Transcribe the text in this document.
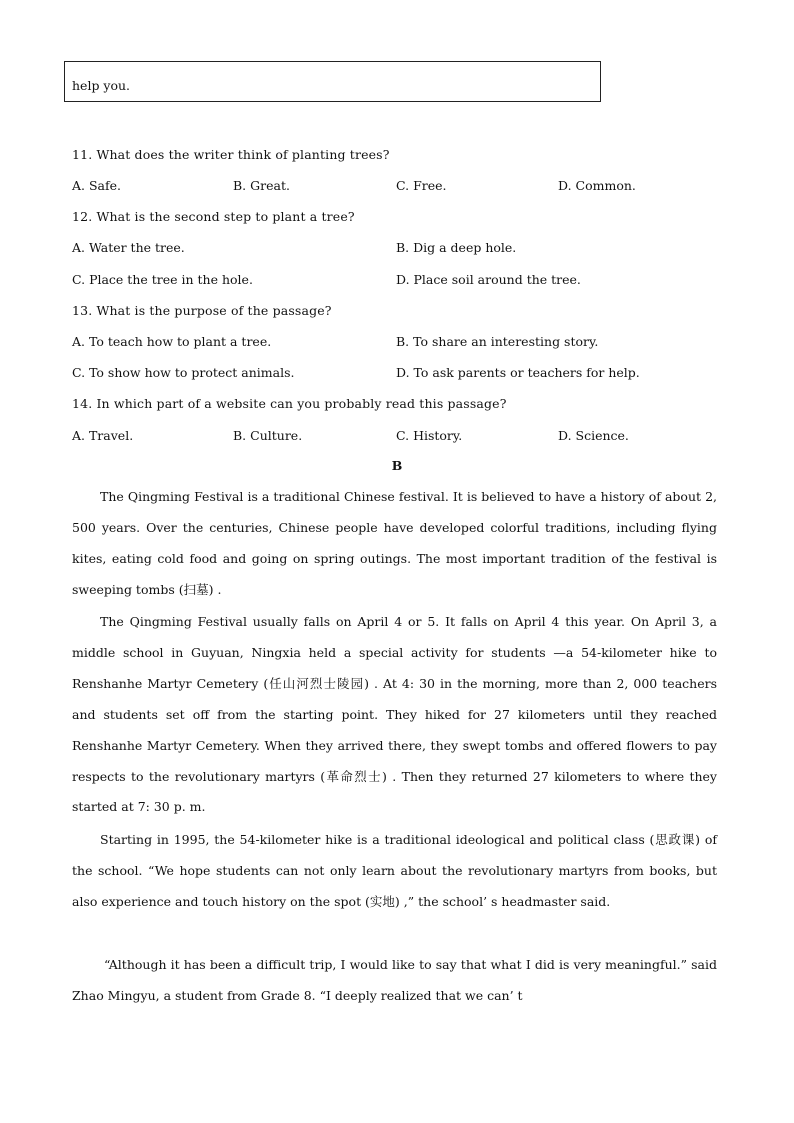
help you.
11. What does the writer think of planting trees?
A. Safe.	B. Great.	C. Free.	D. Common.
12. What is the second step to plant a tree?
A. Water the tree.	B. Dig a deep hole.
C. Place the tree in the hole.	D. Place soil around the tree.
13. What is the purpose of the passage?
A. To teach how to plant a tree.	B. To share an interesting story.
C. To show how to protect animals.	D. To ask parents or teachers for help.
14. In which part of a website can you probably read this passage?
A. Travel.	B. Culture.	C. History.	D. Science.
B

The Qingming Festival is a traditional Chinese festival. It is believed to have a history of about 2, 500 years. Over the centuries, Chinese people have developed colorful traditions, including flying kites, eating cold food and going on spring outings. The most important tradition of the festival is sweeping tombs (扫墓) .

The Qingming Festival usually falls on April 4 or 5. It falls on April 4 this year. On April 3, a middle school in Guyuan, Ningxia held a special activity for students —a 54-kilometer hike to Renshanhe Martyr Cemetery (任山河烈士陵园) . At 4: 30 in the morning, more than 2, 000 teachers and students set off from the starting point. They hiked for 27 kilometers until they reached Renshanhe Martyr Cemetery. When they arrived there, they swept tombs and offered flowers to pay respects to the revolutionary martyrs (革命烈士) . Then they returned 27 kilometers to where they started at 7: 30 p. m.

Starting in 1995, the 54-kilometer hike is a traditional ideological and political class (思政课) of the school. “We hope students can not only learn about the revolutionary martyrs from books, but also experience and touch history on the spot (实地) ,” the school’ s headmaster said.

“Although it has been a difficult trip, I would like to say that what I did is very meaningful.” said Zhao Mingyu, a student from Grade 8. “I deeply realized that we can’ t
